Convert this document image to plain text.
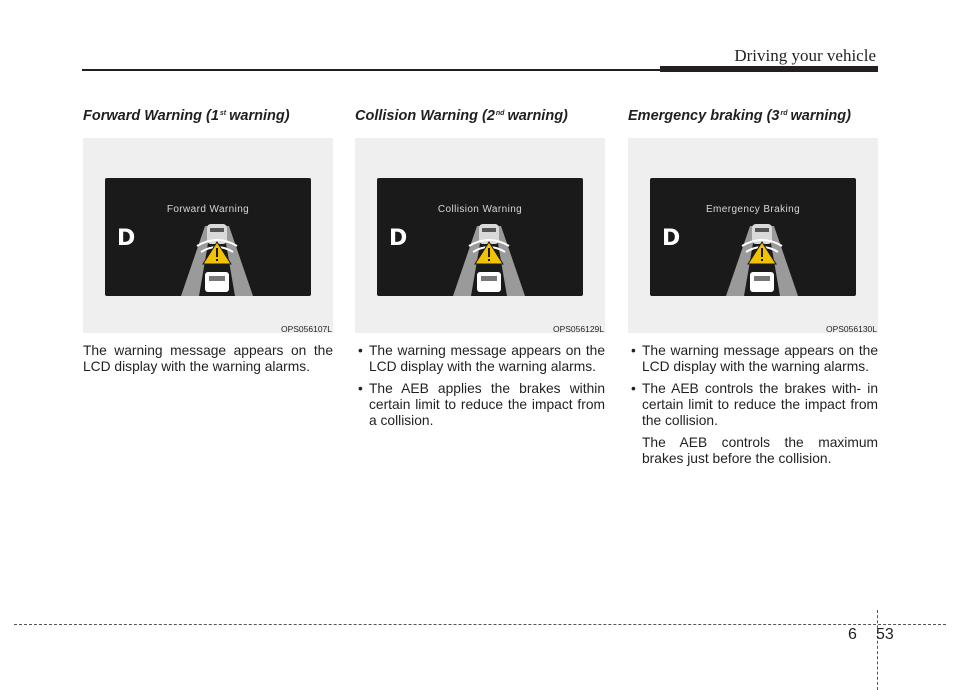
Driving your vehicle
Forward Warning (1st warning)
Forward Warning
D
OPS056107L

The warning message appears on the LCD display with the warning alarms.

Collision Warning (2nd warning)
Collision Warning
D
OPS056129L
• The warning message appears on the LCD display with the warning alarms.
• The AEB applies the brakes within certain limit to reduce the impact from a collision.
Emergency braking (3rd warning)
Emergency Braking
D
OPS056130L
• The warning message appears on the LCD display with the warning alarms.
• The AEB controls the brakes with- in certain limit to reduce the impact from the collision.

The AEB controls the maximum brakes just before the collision.

6 53
